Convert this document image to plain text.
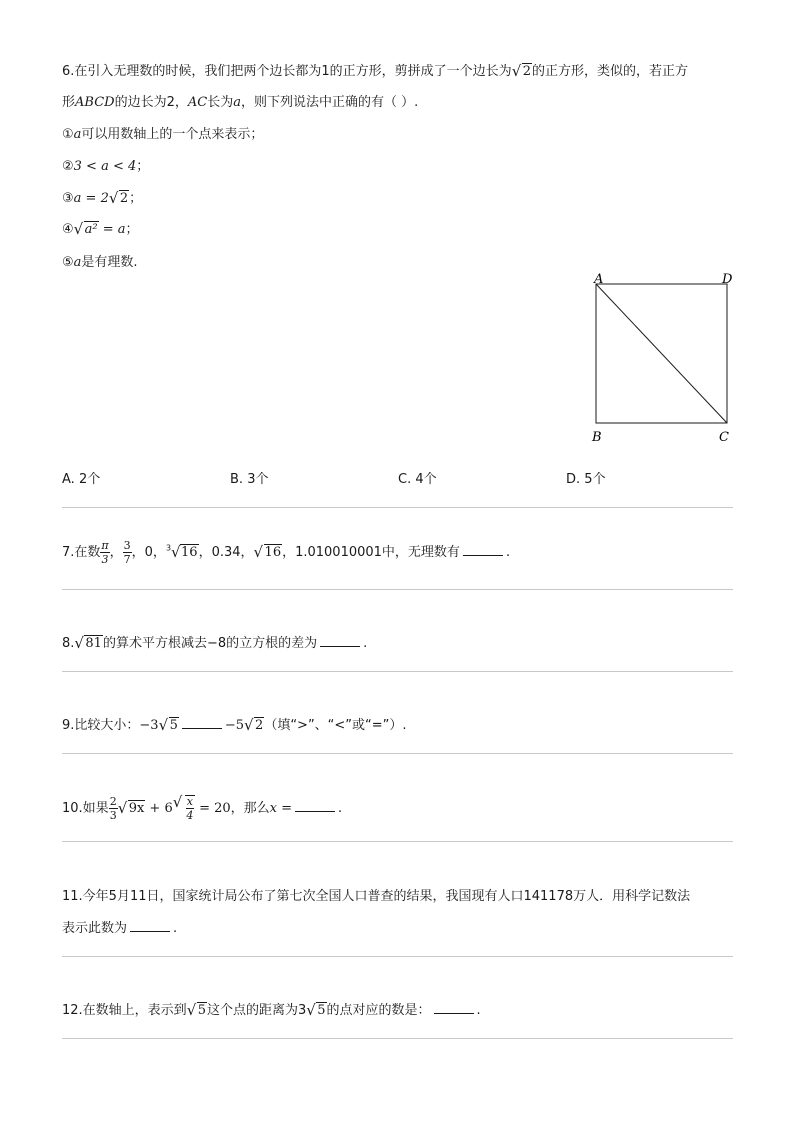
6.在引入无理数的时候，我们把两个边长都为1的正方形，剪拼成了一个边长为 √ 2的正方形，类似的，若正方
形ABCD的边长为2，AC长为a，则下列说法中正确的有（ ）.
①a可以用数轴上的一个点来表示；
②3 < a < 4；
③a = 2 √ 2；
④ √ a² = a；
⑤a是有理数.
A	D
B	C
A. 2个	B. 3个	C. 4个	D. 5个
7.在数 $\frac{\pi}{3}$ ， $\frac{3}{7}$ ，0，$^3$ √ 16，0.34， √ 16，1.010010001中，无理数有	.
8. √ 81的算术平方根减去−8的立方根的差为	.
9.比较大小：−3 √ 5	−5 √ 2（填“>”、“<”或“=”）.
10.如果 $\frac{2}{3}$ √ 9x + 6 √ $\frac{x}{4} = 20$，那么x =	.
11.今年5月11日，国家统计局公布了第七次全国人口普查的结果，我国现有人口141178万人．用科学记数法
表示此数为	.
12.在数轴上，表示到 √ 5这个点的距离为3 √ 5的点对应的数是：	.
